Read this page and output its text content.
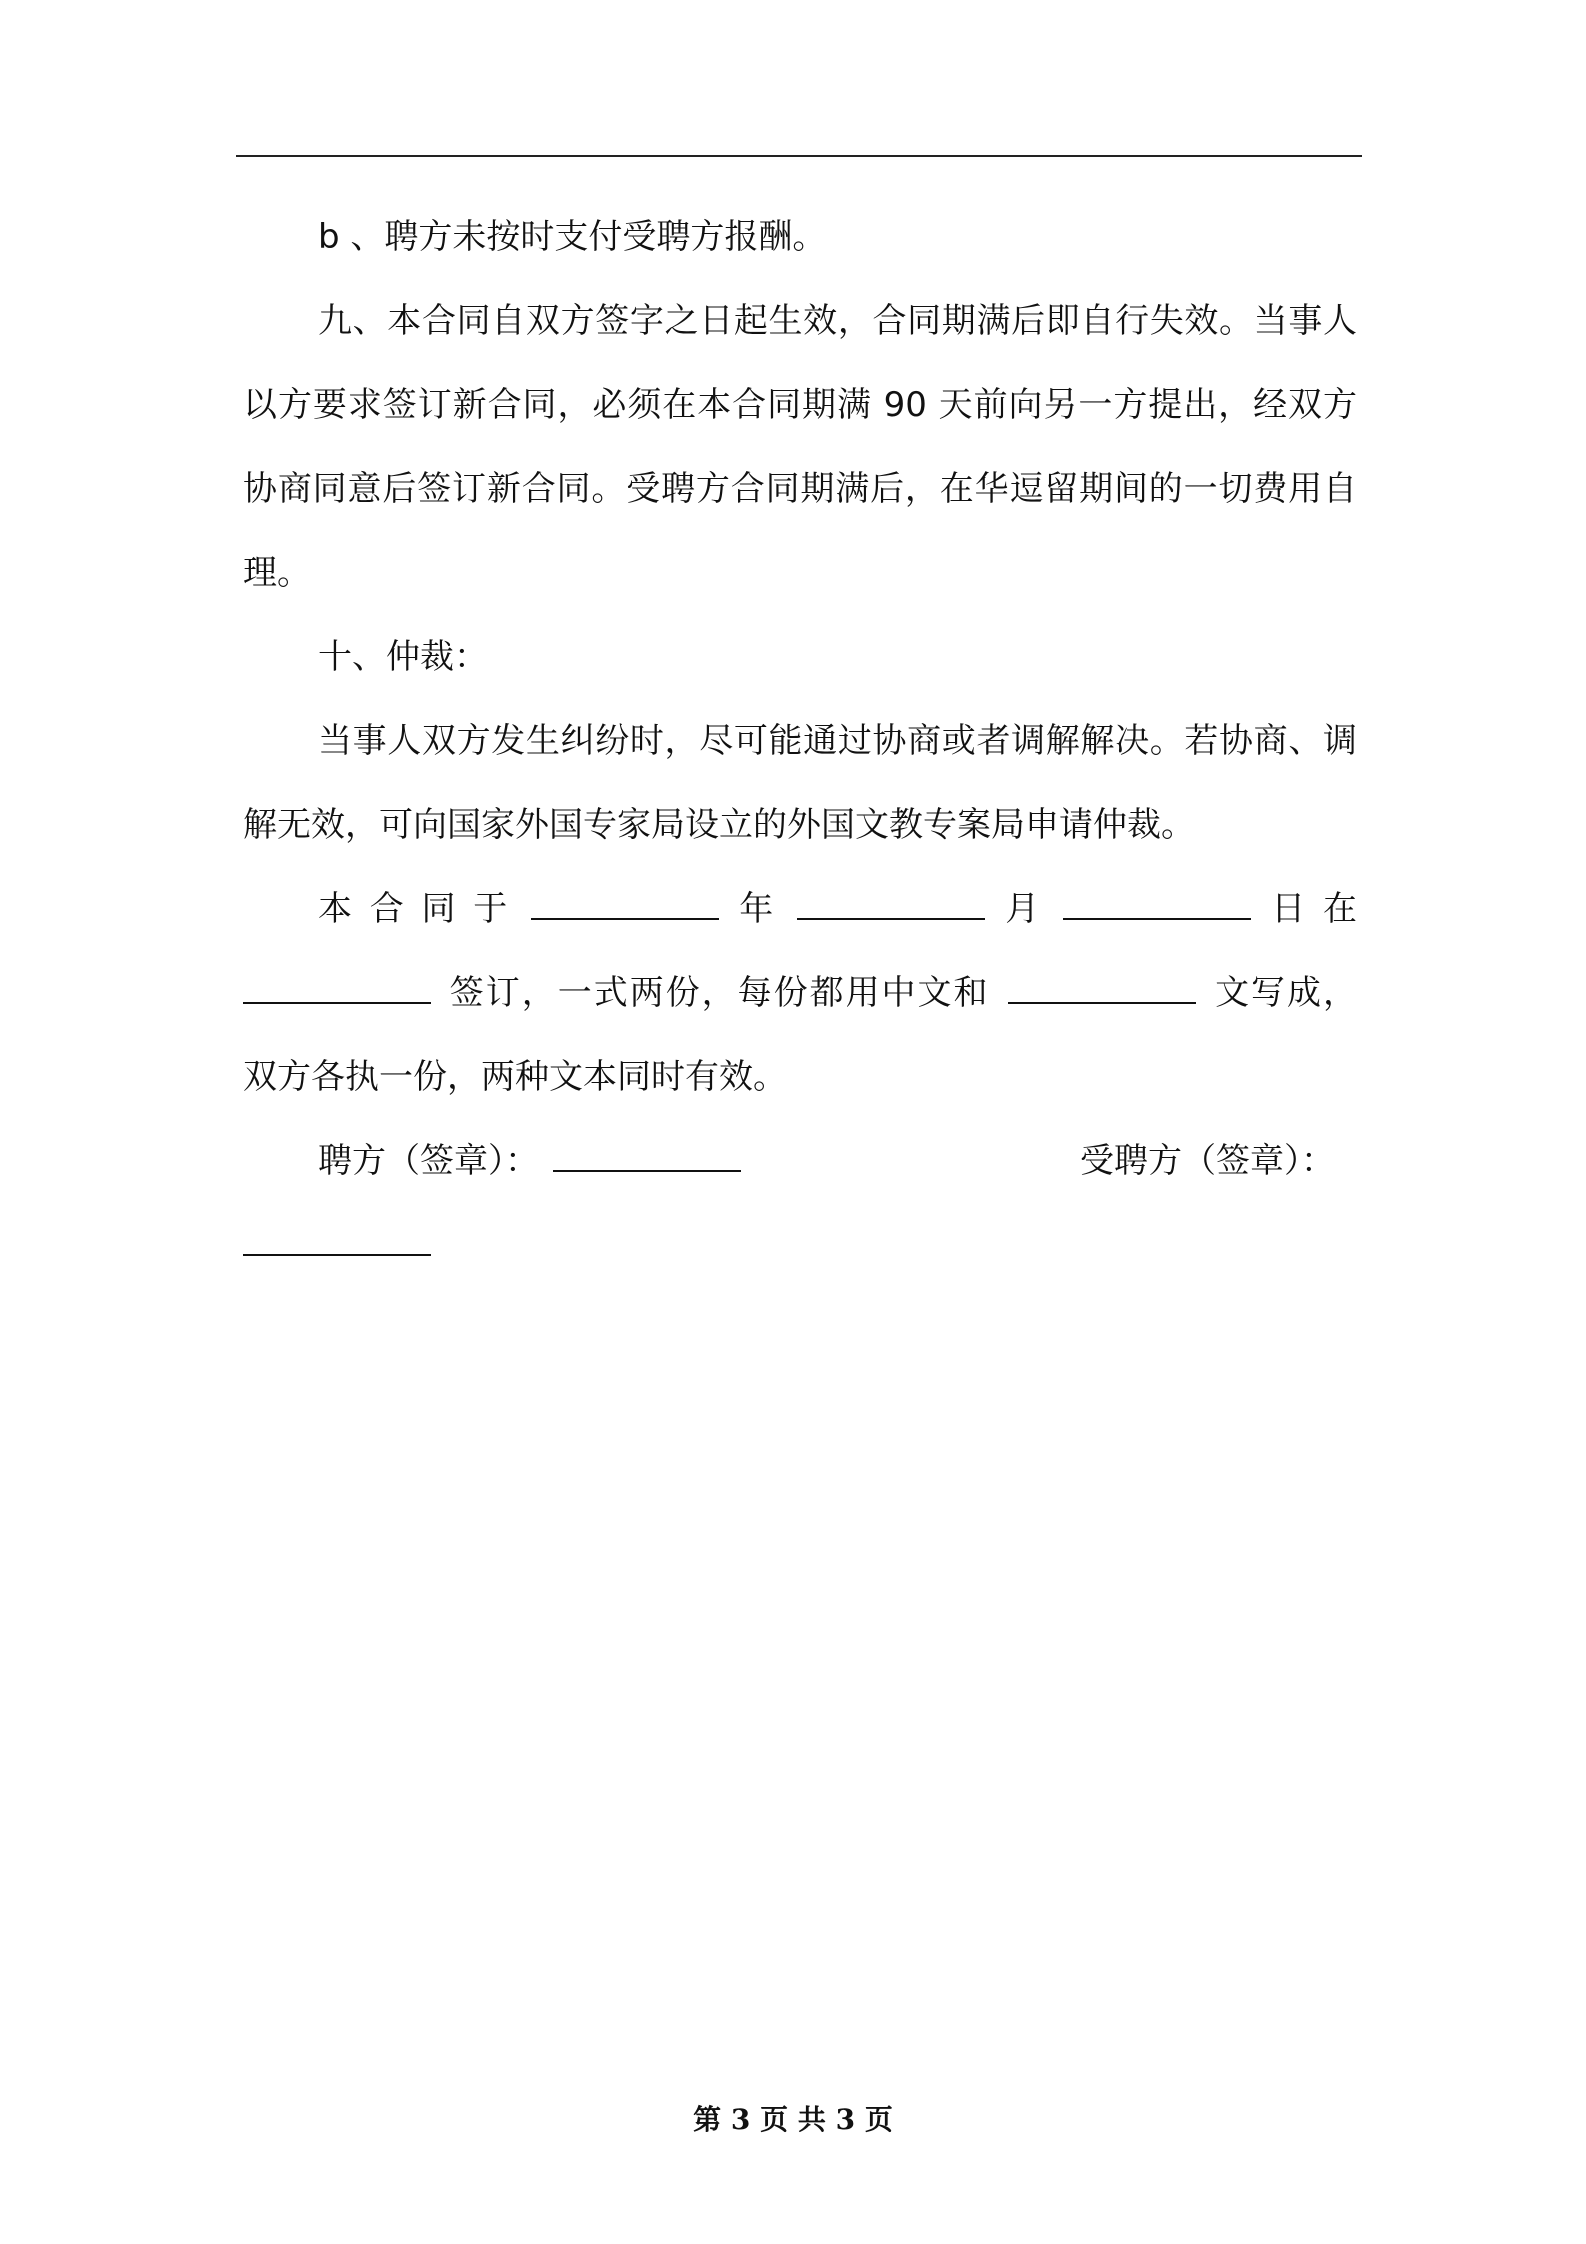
b 、聘方未按时支付受聘方报酬。

九、本合同自双方签字之日起生效，合同期满后即自行失效。当事人以方要求签订新合同，必须在本合同期满 90 天前向另一方提出，经双方协商同意后签订新合同。受聘方合同期满后，在华逗留期间的一切费用自理。

十、仲裁：

当事人双方发生纠纷时，尽可能通过协商或者调解解决。若协商、调解无效，可向国家外国专家局设立的外国文教专案局申请仲裁。

本 合 同 于	年	月	日 在

签订，一式两份，每份都用中文和	文写成，

双方各执一份，两种文本同时有效。

聘方（签章）：	受聘方（签章）：

第 3 页 共 3 页
